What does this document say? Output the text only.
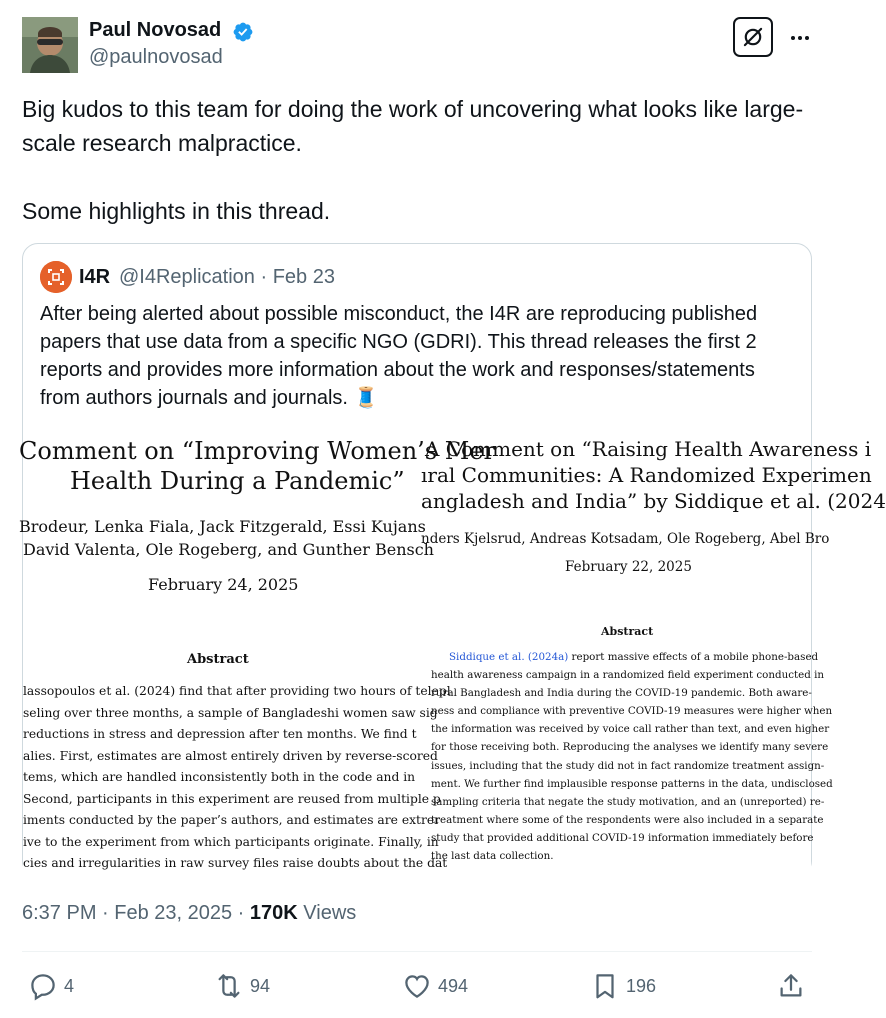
Paul Novosad
@paulnovosad

Big kudos to this team for doing the work of uncovering what looks like large-scale research malpractice.

Some highlights in this thread.

I4R @I4Replication · Feb 23
After being alerted about possible misconduct, the I4R are reproducing published papers that use data from a specific NGO (GDRI). This thread releases the first 2 reports and provides more information about the work and responses/statements from authors journals and journals. 🧵
Comment on “Improving Women’s Mer
Health During a Pandemic”
Brodeur, Lenka Fiala, Jack Fitzgerald, Essi Kujans
David Valenta, Ole Rogeberg, and Gunther Bensch
February 24, 2025
Abstract
lassopoulos et al. (2024) find that after providing two hours of telepl
seling over three months, a sample of Bangladeshi women saw sig
reductions in stress and depression after ten months. We find t
alies. First, estimates are almost entirely driven by reverse-scored
tems, which are handled inconsistently both in the code and in
Second, participants in this experiment are reused from multiple p
iments conducted by the paper’s authors, and estimates are extrer
ive to the experiment from which participants originate. Finally, in
cies and irregularities in raw survey files raise doubts about the dat
A Comment on “Raising Health Awareness i
ıral Communities: A Randomized Experimen
angladesh and India” by Siddique et al. (2024
nders Kjelsrud, Andreas Kotsadam, Ole Rogeberg, Abel Bro
February 22, 2025
Abstract
Siddique et al. (2024a) report massive effects of a mobile phone-based
health awareness campaign in a randomized field experiment conducted in
rural Bangladesh and India during the COVID-19 pandemic. Both aware-
ness and compliance with preventive COVID-19 measures were higher when
the information was received by voice call rather than text, and even higher
for those receiving both. Reproducing the analyses we identify many severe
issues, including that the study did not in fact randomize treatment assign-
ment. We further find implausible response patterns in the data, undisclosed
sampling criteria that negate the study motivation, and an (unreported) re-
treatment where some of the respondents were also included in a separate
study that provided additional COVID-19 information immediately before
the last data collection.
6:37 PM · Feb 23, 2025 · 170K Views
4	94	494	196
